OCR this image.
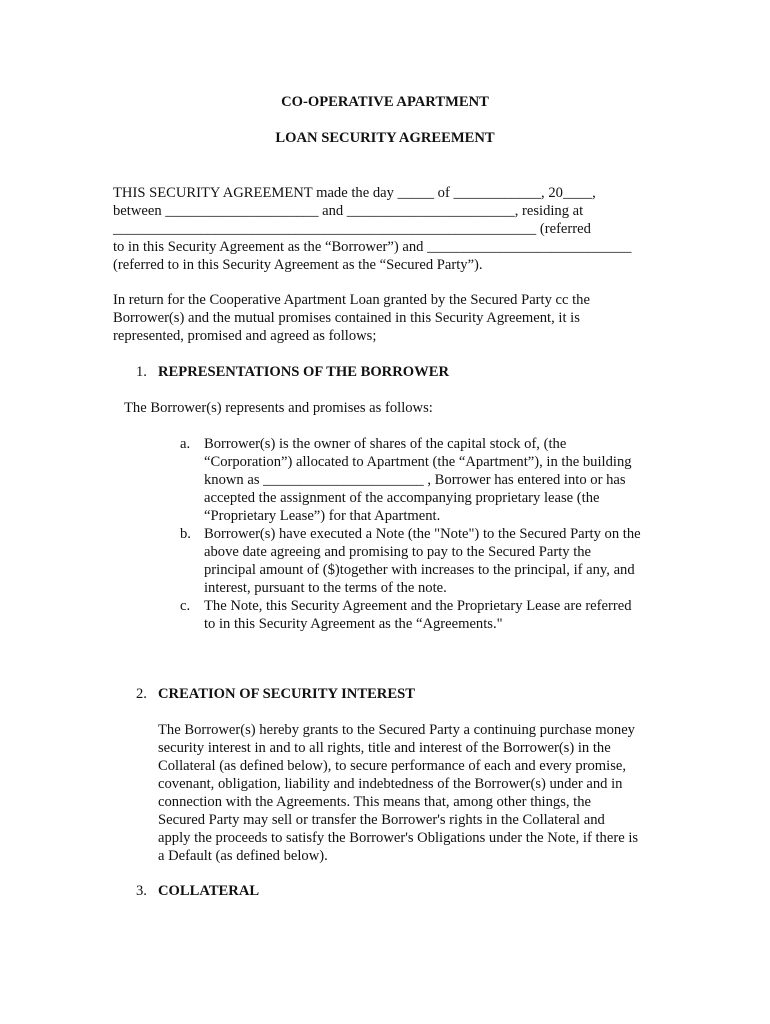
CO-OPERATIVE APARTMENT
LOAN SECURITY AGREEMENT
THIS SECURITY AGREEMENT made the day _____ of ____________, 20____,
between _____________________ and _______________________, residing at
__________________________________________________________ (referred
to in this Security Agreement as the “Borrower”) and ____________________________
(referred to in this Security Agreement as the “Secured Party”).
In return for the Cooperative Apartment Loan granted by the Secured Party cc the
Borrower(s) and the mutual promises contained in this Security Agreement, it is
represented, promised and agreed as follows;
1. REPRESENTATIONS OF THE BORROWER
The Borrower(s) represents and promises as follows:
a. Borrower(s) is the owner of shares of the capital stock of, (the
“Corporation”) allocated to Apartment (the “Apartment”), in the building
known as ______________________ , Borrower has entered into or has
accepted the assignment of the accompanying proprietary lease (the
“Proprietary Lease”) for that Apartment.
b. Borrower(s) have executed a Note (the "Note") to the Secured Party on the
above date agreeing and promising to pay to the Secured Party the
principal amount of ($)together with increases to the principal, if any, and
interest, pursuant to the terms of the note.
c. The Note, this Security Agreement and the Proprietary Lease are referred
to in this Security Agreement as the “Agreements."
2. CREATION OF SECURITY INTEREST
The Borrower(s) hereby grants to the Secured Party a continuing purchase money
security interest in and to all rights, title and interest of the Borrower(s) in the
Collateral (as defined below), to secure performance of each and every promise,
covenant, obligation, liability and indebtedness of the Borrower(s) under and in
connection with the Agreements. This means that, among other things, the
Secured Party may sell or transfer the Borrower's rights in the Collateral and
apply the proceeds to satisfy the Borrower's Obligations under the Note, if there is
a Default (as defined below).
3. COLLATERAL
